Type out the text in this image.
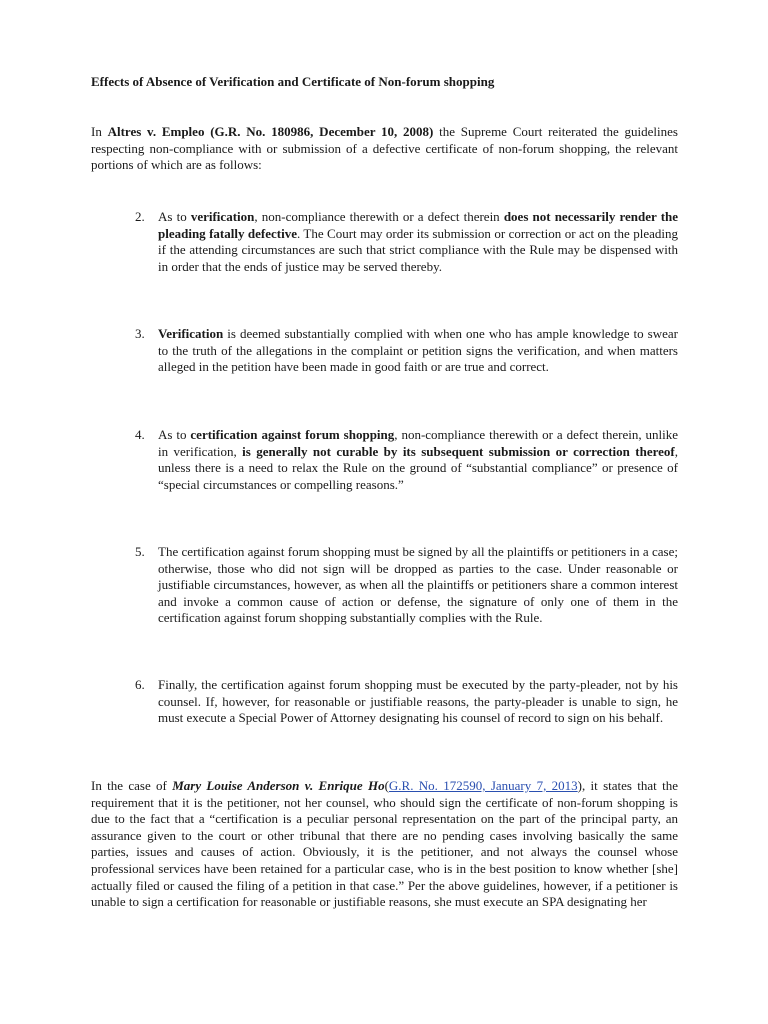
Effects of Absence of Verification and Certificate of Non-forum shopping

In Altres v. Empleo (G.R. No. 180986, December 10, 2008) the Supreme Court reiterated the guidelines respecting non-compliance with or submission of a defective certificate of non-forum shopping, the relevant portions of which are as follows:

2. As to verification, non-compliance therewith or a defect therein does not necessarily render the pleading fatally defective. The Court may order its submission or correction or act on the pleading if the attending circumstances are such that strict compliance with the Rule may be dispensed with in order that the ends of justice may be served thereby.
3. Verification is deemed substantially complied with when one who has ample knowledge to swear to the truth of the allegations in the complaint or petition signs the verification, and when matters alleged in the petition have been made in good faith or are true and correct.
4. As to certification against forum shopping, non-compliance therewith or a defect therein, unlike in verification, is generally not curable by its subsequent submission or correction thereof, unless there is a need to relax the Rule on the ground of “substantial compliance” or presence of “special circumstances or compelling reasons.”
5. The certification against forum shopping must be signed by all the plaintiffs or petitioners in a case; otherwise, those who did not sign will be dropped as parties to the case. Under reasonable or justifiable circumstances, however, as when all the plaintiffs or petitioners share a common interest and invoke a common cause of action or defense, the signature of only one of them in the certification against forum shopping substantially complies with the Rule.
6. Finally, the certification against forum shopping must be executed by the party-pleader, not by his counsel. If, however, for reasonable or justifiable reasons, the party-pleader is unable to sign, he must execute a Special Power of Attorney designating his counsel of record to sign on his behalf.

In the case of Mary Louise Anderson v. Enrique Ho(G.R. No. 172590, January 7, 2013), it states that the requirement that it is the petitioner, not her counsel, who should sign the certificate of non-forum shopping is due to the fact that a “certification is a peculiar personal representation on the part of the principal party, an assurance given to the court or other tribunal that there are no pending cases involving basically the same parties, issues and causes of action. Obviously, it is the petitioner, and not always the counsel whose professional services have been retained for a particular case, who is in the best position to know whether [she] actually filed or caused the filing of a petition in that case.” Per the above guidelines, however, if a petitioner is unable to sign a certification for reasonable or justifiable reasons, she must execute an SPA designating her
